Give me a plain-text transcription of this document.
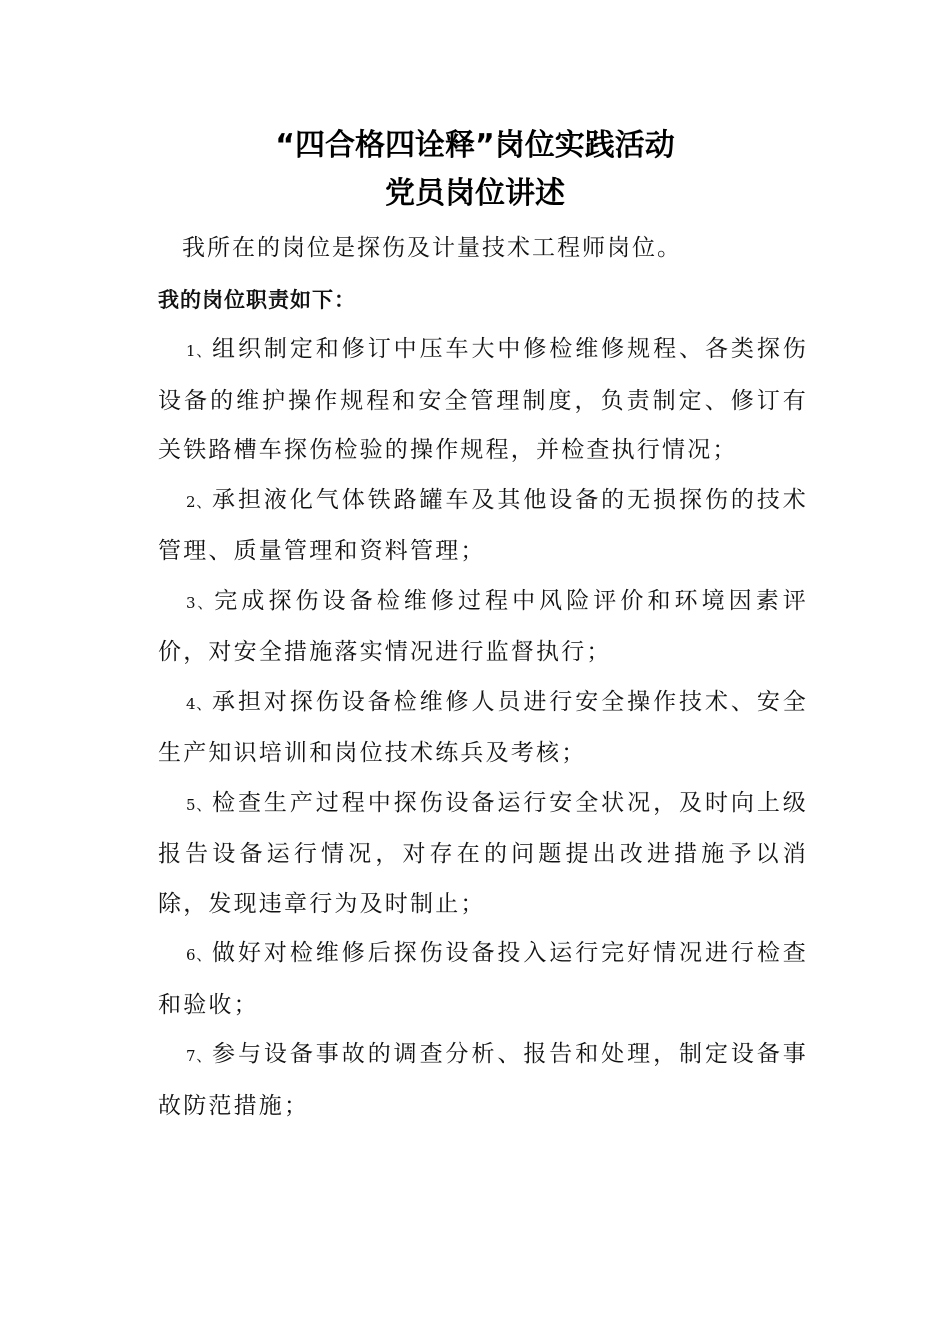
“四合格四诠释”岗位实践活动
党员岗位讲述
我所在的岗位是探伤及计量技术工程师岗位。
我的岗位职责如下：
1、组织制定和修订中压车大中修检维修规程、各类探伤设备的维护操作规程和安全管理制度，负责制定、修订有关铁路槽车探伤检验的操作规程，并检查执行情况；
2、承担液化气体铁路罐车及其他设备的无损探伤的技术管理、质量管理和资料管理；
3、完成探伤设备检维修过程中风险评价和环境因素评价，对安全措施落实情况进行监督执行；
4、承担对探伤设备检维修人员进行安全操作技术、安全生产知识培训和岗位技术练兵及考核；
5、检查生产过程中探伤设备运行安全状况，及时向上级报告设备运行情况，对存在的问题提出改进措施予以消除，发现违章行为及时制止；
6、做好对检维修后探伤设备投入运行完好情况进行检查和验收；
7、参与设备事故的调查分析、报告和处理，制定设备事故防范措施；
